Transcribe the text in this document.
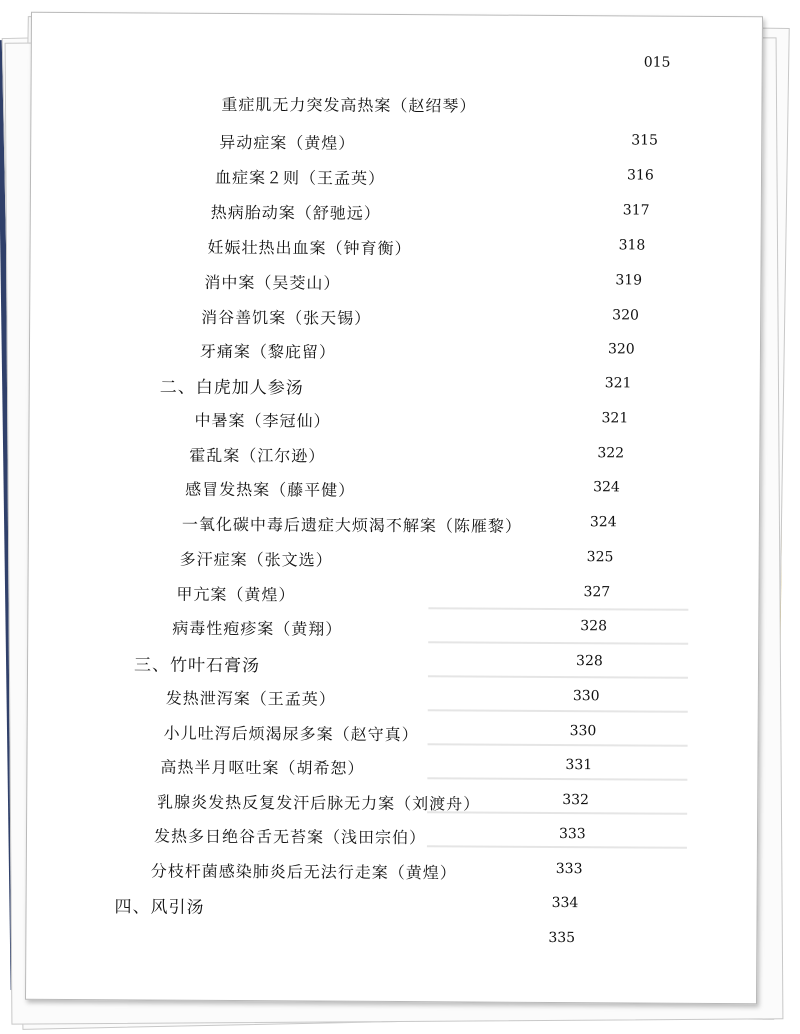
015
重症肌无力突发高热案（赵绍琴）
异动症案（黄煌）	315
血症案２则（王孟英）	316
热病胎动案（舒驰远）	317
妊娠壮热出血案（钟育衡）	318
消中案（吴茭山）	319
消谷善饥案（张天锡）	320
牙痛案（黎庇留）	320
二、白虎加人参汤	321
中暑案（李冠仙）	321
霍乱案（江尔逊）	322
感冒发热案（藤平健）	324
一氧化碳中毒后遗症大烦渴不解案（陈雁黎）	324
多汗症案（张文选）	325
甲亢案（黄煌）	327
病毒性疱疹案（黄翔）	328
三、竹叶石膏汤	328
发热泄泻案（王孟英）	330
小儿吐泻后烦渴尿多案（赵守真）	330
高热半月呕吐案（胡希恕）	331
乳腺炎发热反复发汗后脉无力案（刘渡舟）	332
发热多日绝谷舌无苔案（浅田宗伯）	333
分枝杆菌感染肺炎后无法行走案（黄煌）	333
四、风引汤	334
335
